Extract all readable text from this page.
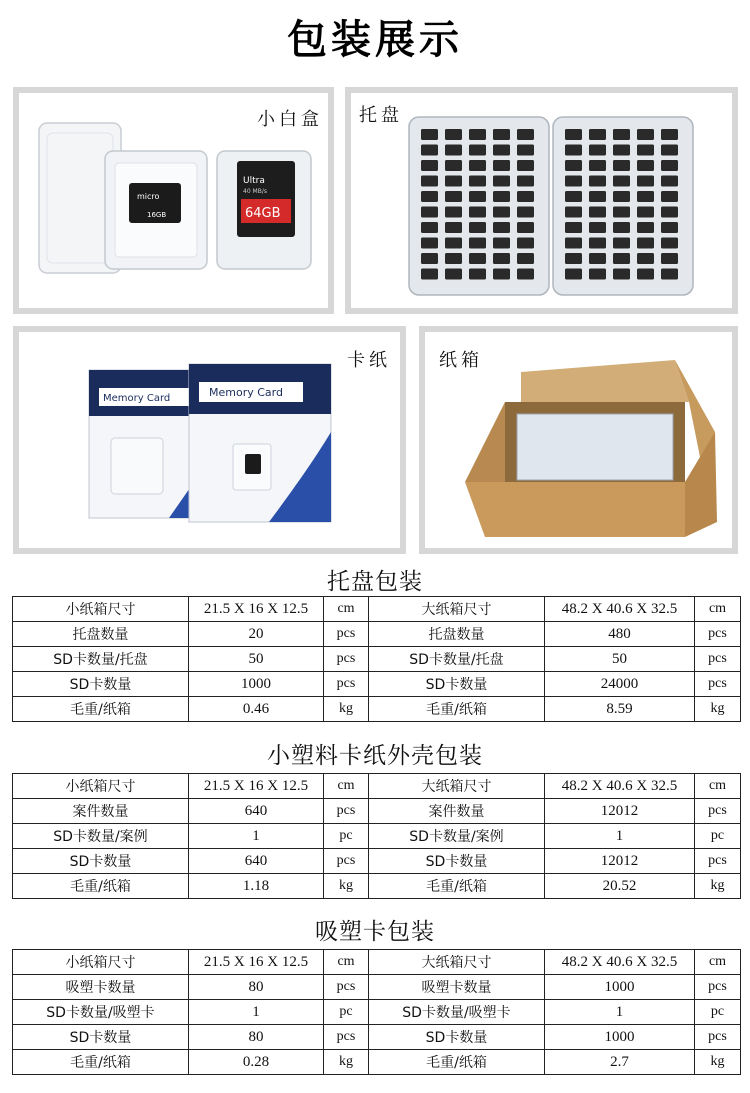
包装展示
小白盒
micro
16GB
Ultra
40 MB/s
64GB
托盘
卡纸
Memory Card	Memory Card
纸箱
托盘包装
小纸箱尺寸	21.5 X 16 X 12.5	cm	大纸箱尺寸	48.2 X 40.6 X 32.5	cm
托盘数量	20	pcs	托盘数量	480	pcs
SD卡数量/托盘	50	pcs	SD卡数量/托盘	50	pcs
SD卡数量	1000	pcs	SD卡数量	24000	pcs
毛重/纸箱	0.46	kg	毛重/纸箱	8.59	kg
小塑料卡纸外壳包装
小纸箱尺寸	21.5 X 16 X 12.5	cm	大纸箱尺寸	48.2 X 40.6 X 32.5	cm
案件数量	640	pcs	案件数量	12012	pcs
SD卡数量/案例	1	pc	SD卡数量/案例	1	pc
SD卡数量	640	pcs	SD卡数量	12012	pcs
毛重/纸箱	1.18	kg	毛重/纸箱	20.52	kg
吸塑卡包装
小纸箱尺寸	21.5 X 16 X 12.5	cm	大纸箱尺寸	48.2 X 40.6 X 32.5	cm
吸塑卡数量	80	pcs	吸塑卡数量	1000	pcs
SD卡数量/吸塑卡	1	pc	SD卡数量/吸塑卡	1	pc
SD卡数量	80	pcs	SD卡数量	1000	pcs
毛重/纸箱	0.28	kg	毛重/纸箱	2.7	kg
